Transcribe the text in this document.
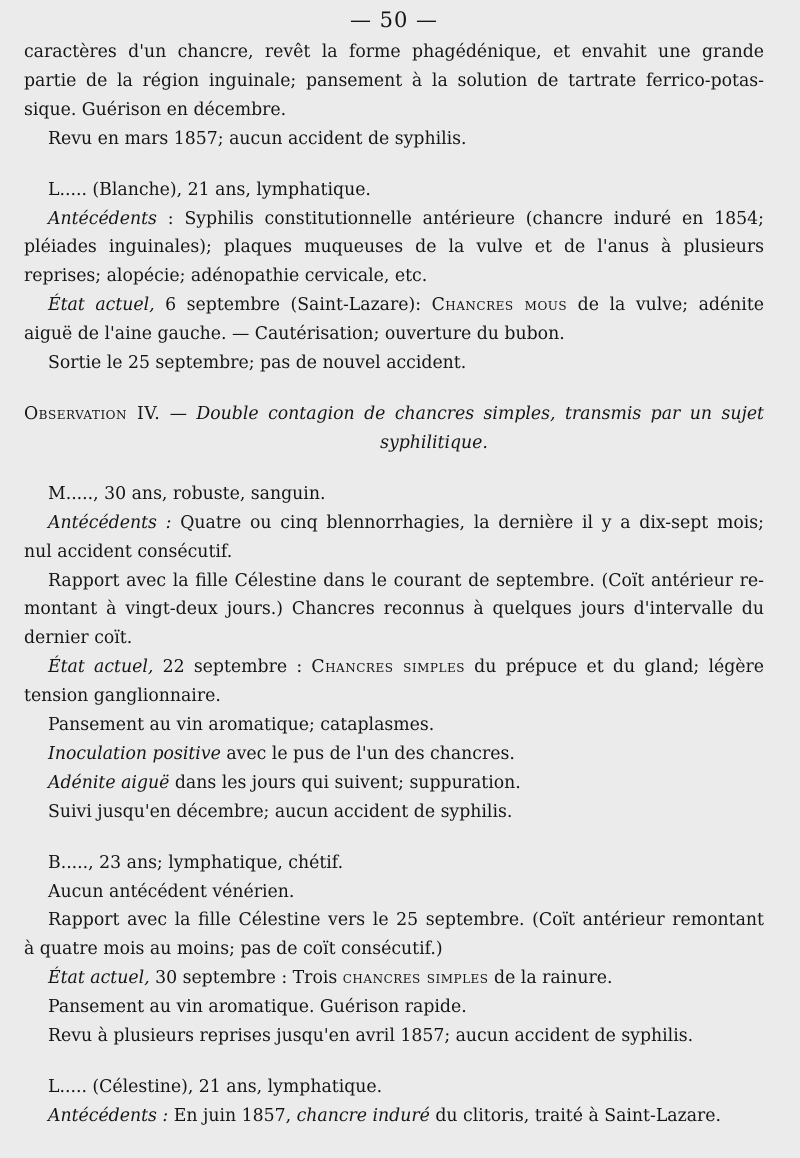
— 50 —
caractères d'un chancre, revêt la forme phagédénique, et envahit une grande
partie de la région inguinale; pansement à la solution de tartrate ferrico-potas-
sique. Guérison en décembre.
Revu en mars 1857; aucun accident de syphilis.
L..... (Blanche), 21 ans, lymphatique.
Antécédents : Syphilis constitutionnelle antérieure (chancre induré en 1854;
pléiades inguinales); plaques muqueuses de la vulve et de l'anus à plusieurs
reprises; alopécie; adénopathie cervicale, etc.
État actuel, 6 septembre (Saint-Lazare): Chancres mous de la vulve; adénite
aiguë de l'aine gauche. — Cautérisation; ouverture du bubon.
Sortie le 25 septembre; pas de nouvel accident.
Observation IV. — Double contagion de chancres simples, transmis par un sujet
syphilitique.
M....., 30 ans, robuste, sanguin.
Antécédents : Quatre ou cinq blennorrhagies, la dernière il y a dix-sept mois;
nul accident consécutif.
Rapport avec la fille Célestine dans le courant de septembre. (Coït antérieur re-
montant à vingt-deux jours.) Chancres reconnus à quelques jours d'intervalle du
dernier coït.
État actuel, 22 septembre : Chancres simples du prépuce et du gland; légère
tension ganglionnaire.
Pansement au vin aromatique; cataplasmes.
Inoculation positive avec le pus de l'un des chancres.
Adénite aiguë dans les jours qui suivent; suppuration.
Suivi jusqu'en décembre; aucun accident de syphilis.
B....., 23 ans; lymphatique, chétif.
Aucun antécédent vénérien.
Rapport avec la fille Célestine vers le 25 septembre. (Coït antérieur remontant
à quatre mois au moins; pas de coït consécutif.)
État actuel, 30 septembre : Trois chancres simples de la rainure.
Pansement au vin aromatique. Guérison rapide.
Revu à plusieurs reprises jusqu'en avril 1857; aucun accident de syphilis.
L..... (Célestine), 21 ans, lymphatique.
Antécédents : En juin 1857, chancre induré du clitoris, traité à Saint-Lazare.
